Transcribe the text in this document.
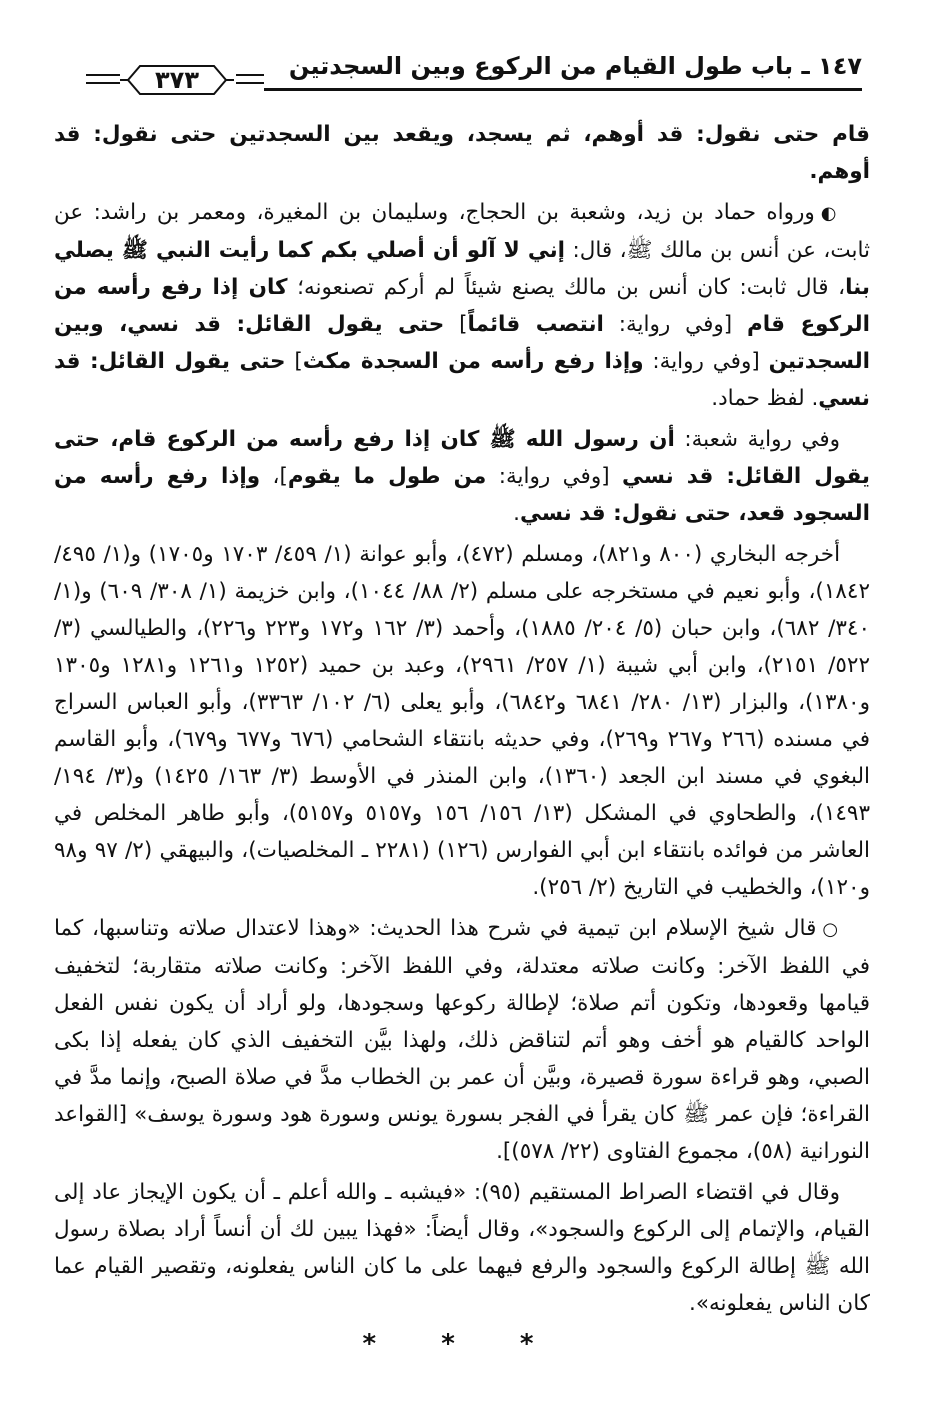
١٤٧ ـ باب طول القيام من الركوع وبين السجدتين
٣٧٣

قام حتى نقول: قد أوهم، ثم يسجد، ويقعد بين السجدتين حتى نقول: قد أوهم.

◐ورواه حماد بن زيد، وشعبة بن الحجاج، وسليمان بن المغيرة، ومعمر بن راشد: عن ثابت، عن أنس بن مالك ﷺ، قال: إني لا آلو أن أصلي بكم كما رأيت النبي ﷺ يصلي بنا، قال ثابت: كان أنس بن مالك يصنع شيئاً لم أركم تصنعونه؛ كان إذا رفع رأسه من الركوع قام [وفي رواية: انتصب قائماً] حتى يقول القائل: قد نسي، وبين السجدتين [وفي رواية: وإذا رفع رأسه من السجدة مكث] حتى يقول القائل: قد نسي. لفظ حماد.

وفي رواية شعبة: أن رسول الله ﷺ كان إذا رفع رأسه من الركوع قام، حتى يقول القائل: قد نسي [وفي رواية: من طول ما يقوم]، وإذا رفع رأسه من السجود قعد، حتى نقول: قد نسي.

أخرجه البخاري (٨٠٠ و٨٢١)، ومسلم (٤٧٢)، وأبو عوانة (١/ ٤٥٩/ ١٧٠٣ و١٧٠٥) و(١/ ٤٩٥/ ١٨٤٢)، وأبو نعيم في مستخرجه على مسلم (٢/ ٨٨/ ١٠٤٤)، وابن خزيمة (١/ ٣٠٨/ ٦٠٩) و(١/ ٣٤٠/ ٦٨٢)، وابن حبان (٥/ ٢٠٤/ ١٨٨٥)، وأحمد (٣/ ١٦٢ و١٧٢ و٢٢٣ و٢٢٦)، والطيالسي (٣/ ٥٢٢/ ٢١٥١)، وابن أبي شيبة (١/ ٢٥٧/ ٢٩٦١)، وعبد بن حميد (١٢٥٢ و١٢٦١ و١٢٨١ و١٣٠٥ و١٣٨٠)، والبزار (١٣/ ٢٨٠/ ٦٨٤١ و٦٨٤٢)، وأبو يعلى (٦/ ١٠٢/ ٣٣٦٣)، وأبو العباس السراج في مسنده (٢٦٦ و٢٦٧ و٢٦٩)، وفي حديثه بانتقاء الشحامي (٦٧٦ و٦٧٧ و٦٧٩)، وأبو القاسم البغوي في مسند ابن الجعد (١٣٦٠)، وابن المنذر في الأوسط (٣/ ١٦٣/ ١٤٢٥) و(٣/ ١٩٤/ ١٤٩٣)، والطحاوي في المشكل (١٣/ ١٥٦/ ١٥٦ و٥١٥٧ و٥١٥٧)، وأبو طاهر المخلص في العاشر من فوائده بانتقاء ابن أبي الفوارس (١٢٦) (٢٢٨١ ـ المخلصيات)، والبيهقي (٢/ ٩٧ و٩٨ و١٢٠)، والخطيب في التاريخ (٢/ ٢٥٦).

○قال شيخ الإسلام ابن تيمية في شرح هذا الحديث: «وهذا لاعتدال صلاته وتناسبها، كما في اللفظ الآخر: وكانت صلاته معتدلة، وفي اللفظ الآخر: وكانت صلاته متقاربة؛ لتخفيف قيامها وقعودها، وتكون أتم صلاة؛ لإطالة ركوعها وسجودها، ولو أراد أن يكون نفس الفعل الواحد كالقيام هو أخف وهو أتم لتناقض ذلك، ولهذا بيَّن التخفيف الذي كان يفعله إذا بكى الصبي، وهو قراءة سورة قصيرة، وبيَّن أن عمر بن الخطاب مدَّ في صلاة الصبح، وإنما مدَّ في القراءة؛ فإن عمر ﷺ كان يقرأ في الفجر بسورة يونس وسورة هود وسورة يوسف» [القواعد النورانية (٥٨)، مجموع الفتاوى (٢٢/ ٥٧٨)].

وقال في اقتضاء الصراط المستقيم (٩٥): «فيشبه ـ والله أعلم ـ أن يكون الإيجاز عاد إلى القيام، والإتمام إلى الركوع والسجود»، وقال أيضاً: «فهذا يبين لك أن أنساً أراد بصلاة رسول الله ﷺ إطالة الركوع والسجود والرفع فيهما على ما كان الناس يفعلونه، وتقصير القيام عما كان الناس يفعلونه».

* * *
